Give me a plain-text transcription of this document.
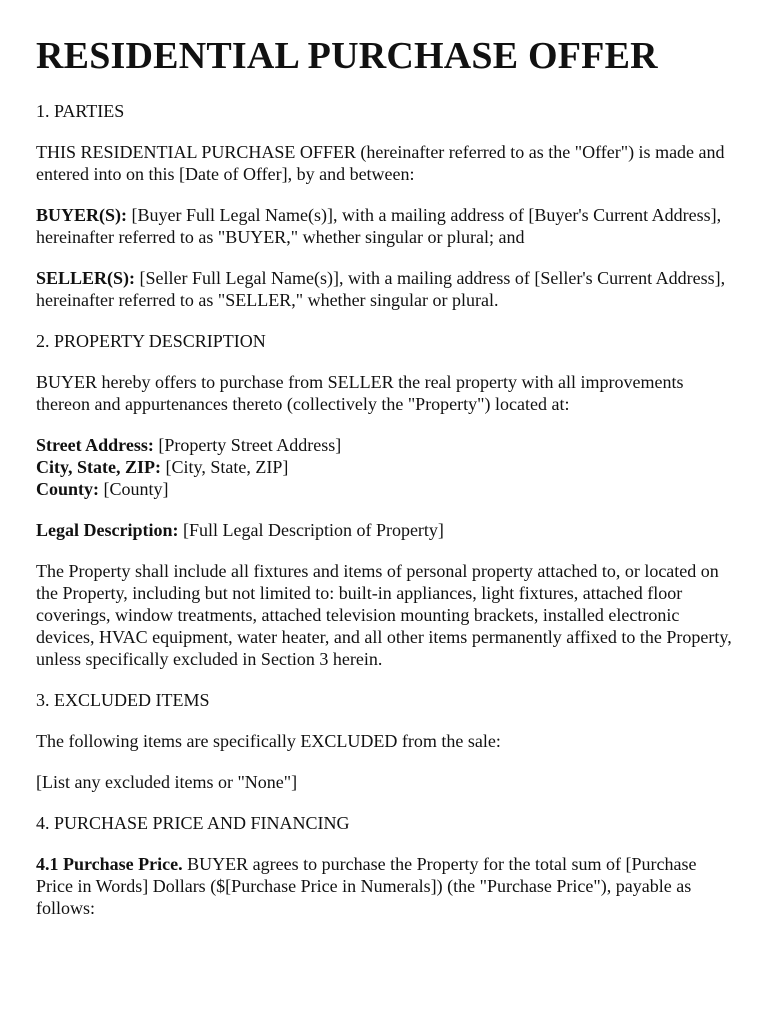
RESIDENTIAL PURCHASE OFFER
1. PARTIES
THIS RESIDENTIAL PURCHASE OFFER (hereinafter referred to as the "Offer") is made and entered into on this [Date of Offer], by and between:
BUYER(S): [Buyer Full Legal Name(s)], with a mailing address of [Buyer's Current Address], hereinafter referred to as "BUYER," whether singular or plural; and
SELLER(S): [Seller Full Legal Name(s)], with a mailing address of [Seller's Current Address], hereinafter referred to as "SELLER," whether singular or plural.
2. PROPERTY DESCRIPTION
BUYER hereby offers to purchase from SELLER the real property with all improvements thereon and appurtenances thereto (collectively the "Property") located at:
Street Address: [Property Street Address]
City, State, ZIP: [City, State, ZIP]
County: [County]
Legal Description: [Full Legal Description of Property]
The Property shall include all fixtures and items of personal property attached to, or located on the Property, including but not limited to: built-in appliances, light fixtures, attached floor coverings, window treatments, attached television mounting brackets, installed electronic devices, HVAC equipment, water heater, and all other items permanently affixed to the Property, unless specifically excluded in Section 3 herein.
3. EXCLUDED ITEMS
The following items are specifically EXCLUDED from the sale:
[List any excluded items or "None"]
4. PURCHASE PRICE AND FINANCING
4.1 Purchase Price. BUYER agrees to purchase the Property for the total sum of [Purchase Price in Words] Dollars ($[Purchase Price in Numerals]) (the "Purchase Price"), payable as follows:
